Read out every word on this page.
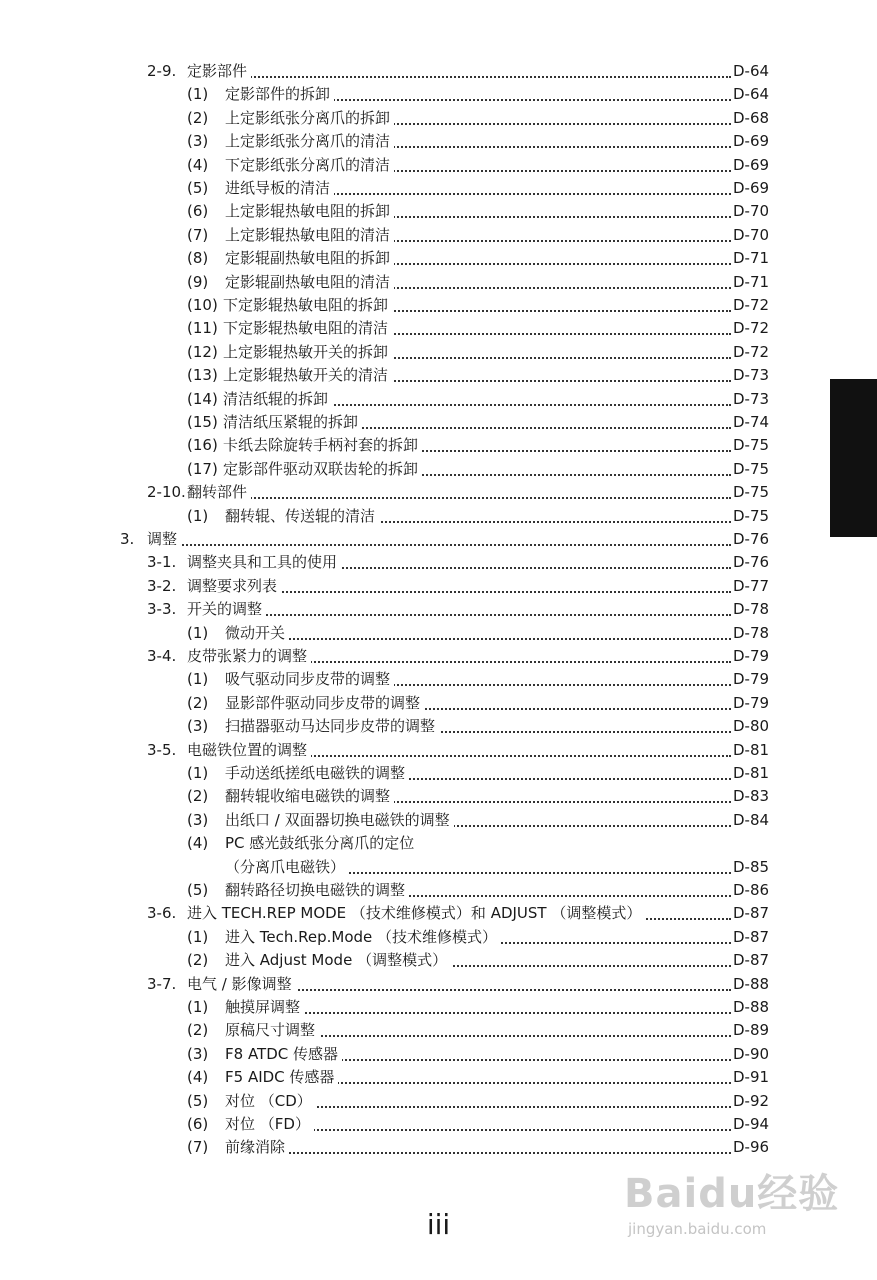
2-9. 定影部件	D-64
(1) 定影部件的拆卸	D-64
(2) 上定影纸张分离爪的拆卸	D-68
(3) 上定影纸张分离爪的清洁	D-69
(4) 下定影纸张分离爪的清洁	D-69
(5) 进纸导板的清洁	D-69
(6) 上定影辊热敏电阻的拆卸	D-70
(7) 上定影辊热敏电阻的清洁	D-70
(8) 定影辊副热敏电阻的拆卸	D-71
(9) 定影辊副热敏电阻的清洁	D-71
(10) 下定影辊热敏电阻的拆卸	D-72
(11) 下定影辊热敏电阻的清洁	D-72
(12) 上定影辊热敏开关的拆卸	D-72
(13) 上定影辊热敏开关的清洁	D-73
(14) 清洁纸辊的拆卸	D-73
(15) 清洁纸压紧辊的拆卸	D-74
(16) 卡纸去除旋转手柄衬套的拆卸	D-75
(17) 定影部件驱动双联齿轮的拆卸	D-75
2-10. 翻转部件	D-75
(1) 翻转辊、传送辊的清洁	D-75
3. 调整	D-76
3-1. 调整夹具和工具的使用	D-76
3-2. 调整要求列表	D-77
3-3. 开关的调整	D-78
(1) 微动开关	D-78
3-4. 皮带张紧力的调整	D-79
(1) 吸气驱动同步皮带的调整	D-79
(2) 显影部件驱动同步皮带的调整	D-79
(3) 扫描器驱动马达同步皮带的调整	D-80
3-5. 电磁铁位置的调整	D-81
(1) 手动送纸搓纸电磁铁的调整	D-81
(2) 翻转辊收缩电磁铁的调整	D-83
(3) 出纸口 / 双面器切换电磁铁的调整	D-84
(4) PC 感光鼓纸张分离爪的定位
（分离爪电磁铁）	D-85
(5) 翻转路径切换电磁铁的调整	D-86
3-6. 进入 TECH.REP MODE （技术维修模式）和 ADJUST （调整模式）	D-87
(1) 进入 Tech.Rep.Mode （技术维修模式）	D-87
(2) 进入 Adjust Mode （调整模式）	D-87
3-7. 电气 / 影像调整	D-88
(1) 触摸屏调整	D-88
(2) 原稿尺寸调整	D-89
(3) F8 ATDC 传感器	D-90
(4) F5 AIDC 传感器	D-91
(5) 对位 （CD）	D-92
(6) 对位 （FD）	D-94
(7) 前缘消除	D-96
iii
Baidu经验
jingyan.baidu.com
